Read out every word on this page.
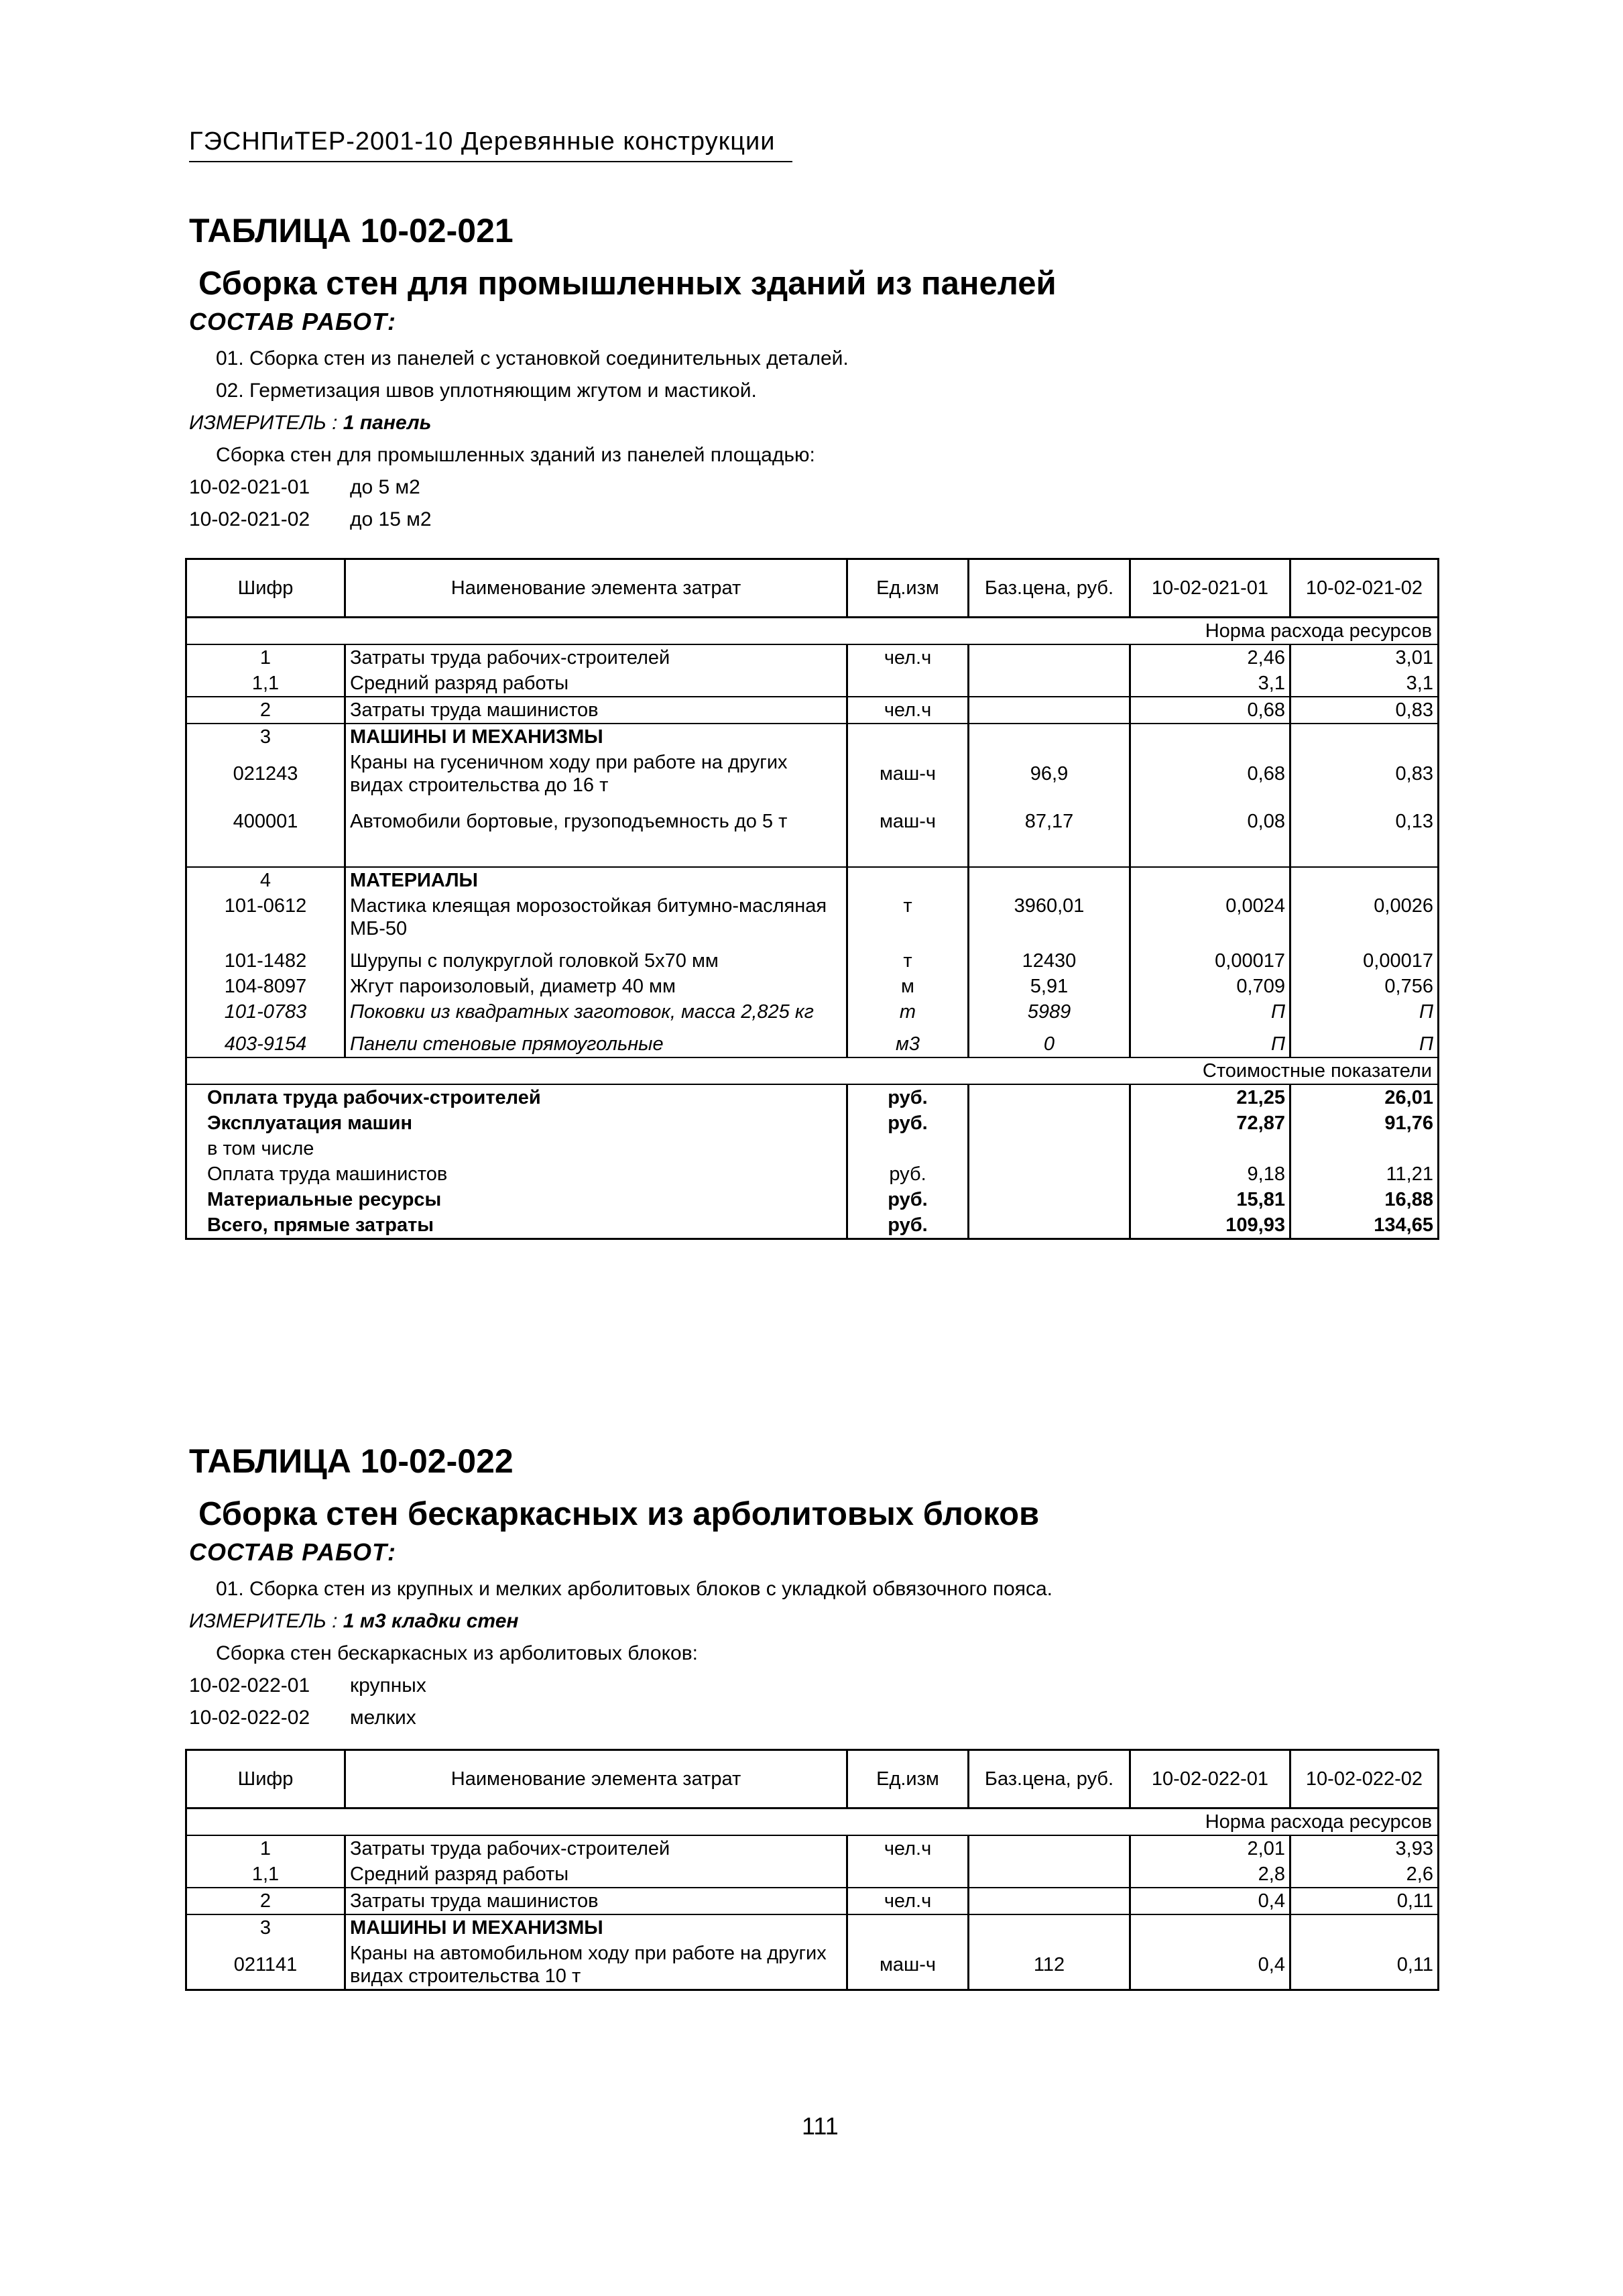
ГЭСНПиТЕР-2001-10 Деревянные конструкции
ТАБЛИЦА 10-02-021
Сборка стен для промышленных зданий из панелей
СОСТАВ РАБОТ:
01. Сборка стен из панелей с установкой соединительных деталей.
02. Герметизация швов уплотняющим жгутом и мастикой.
ИЗМЕРИТЕЛЬ : 1 панель
Сборка стен для промышленных зданий из панелей площадью:
10-02-021-01	до 5 м2
10-02-021-02	до 15 м2
Шифр	Наименование элемента затрат	Ед.изм	Баз.цена, руб.	10-02-021-01	10-02-021-02
Норма расхода ресурсов					
1	Затраты труда рабочих-строителей	чел.ч		2,46	3,01
1,1	Средний разряд работы			3,1	3,1
2	Затраты труда машинистов	чел.ч		0,68	0,83
3	МАШИНЫ И МЕХАНИЗМЫ				
021243	Краны на гусеничном ходу при работе на других видах строительства до 16 т	маш-ч	96,9	0,68	0,83
400001	Автомобили бортовые, грузоподъемность до 5 т	маш-ч	87,17	0,08	0,13
4	МАТЕРИАЛЫ				
101-0612	Мастика клеящая морозостойкая битумно-масляная МБ-50	т	3960,01	0,0024	0,0026
101-1482	Шурупы с полукруглой головкой 5х70 мм	т	12430	0,00017	0,00017
104-8097	Жгут пароизоловый, диаметр 40 мм	м	5,91	0,709	0,756
101-0783	Поковки из квадратных заготовок, масса 2,825 кг	т	5989	П	П
403-9154	Панели стеновые прямоугольные	м3	0	П	П
Стоимостные показатели					
Оплата труда рабочих-строителей		руб.		21,25	26,01
Эксплуатация машин		руб.		72,87	91,76
в том числе					
Оплата труда машинистов		руб.		9,18	11,21
Материальные ресурсы		руб.		15,81	16,88
Всего, прямые затраты		руб.		109,93	134,65
ТАБЛИЦА 10-02-022
Сборка стен бескаркасных из арболитовых блоков
СОСТАВ РАБОТ:
01. Сборка стен из крупных и мелких арболитовых блоков с укладкой обвязочного пояса.
ИЗМЕРИТЕЛЬ : 1 м3 кладки стен
Сборка стен бескаркасных из арболитовых блоков:
10-02-022-01	крупных
10-02-022-02	мелких
Шифр	Наименование элемента затрат	Ед.изм	Баз.цена, руб.	10-02-022-01	10-02-022-02
Норма расхода ресурсов					
1	Затраты труда рабочих-строителей	чел.ч		2,01	3,93
1,1	Средний разряд работы			2,8	2,6
2	Затраты труда машинистов	чел.ч		0,4	0,11
3	МАШИНЫ И МЕХАНИЗМЫ				
021141	Краны на автомобильном ходу при работе на других видах строительства 10 т	маш-ч	112	0,4	0,11
111
